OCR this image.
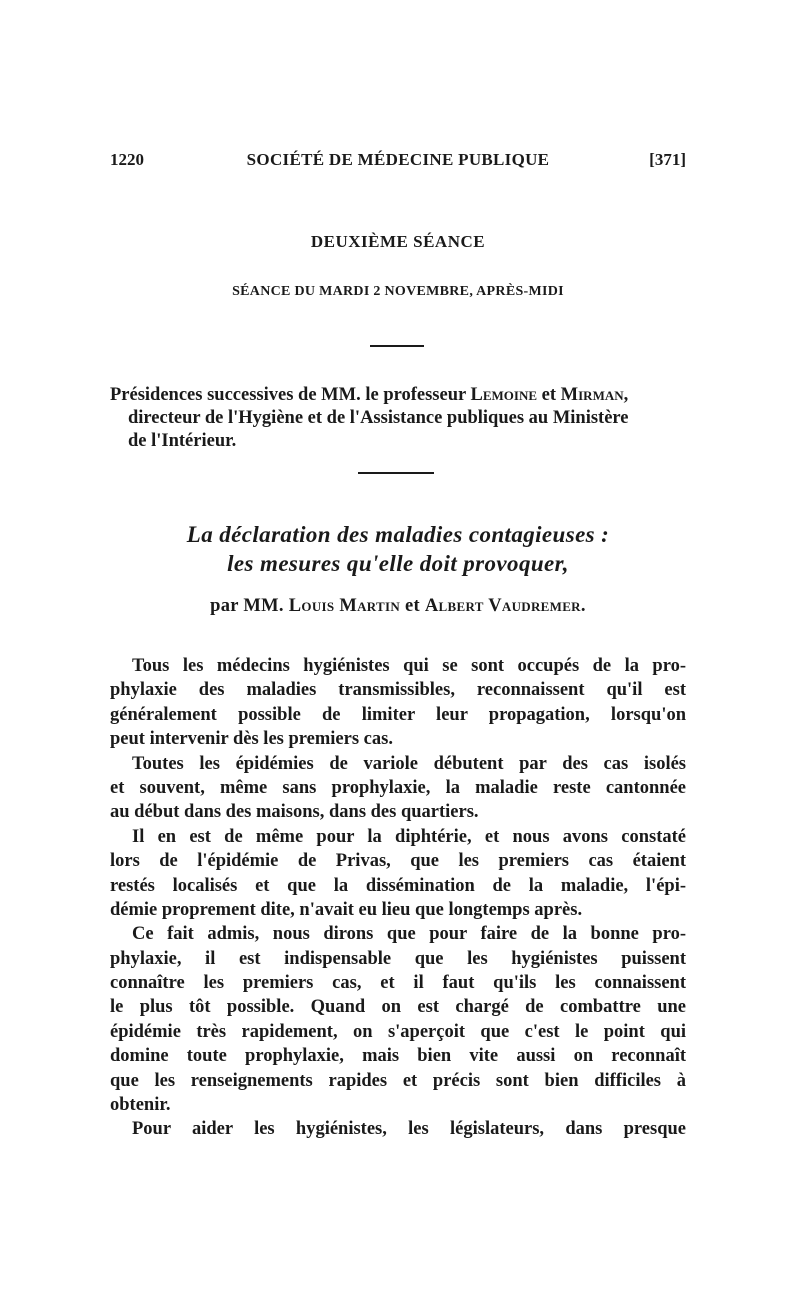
1220	SOCIÉTÉ DE MÉDECINE PUBLIQUE	[371]
DEUXIÈME SÉANCE
SÉANCE DU MARDI 2 NOVEMBRE, APRÈS-MIDI
Présidences successives de MM. le professeur Lemoine et Mirman,
directeur de l'Hygiène et de l'Assistance publiques au Ministère
de l'Intérieur.
La déclaration des maladies contagieuses :
les mesures qu'elle doit provoquer,
par MM. Louis Martin et Albert Vaudremer.
Tous les médecins hygiénistes qui se sont occupés de la pro-
phylaxie des maladies transmissibles, reconnaissent qu'il est
généralement possible de limiter leur propagation, lorsqu'on
peut intervenir dès les premiers cas.
Toutes les épidémies de variole débutent par des cas isolés
et souvent, même sans prophylaxie, la maladie reste cantonnée
au début dans des maisons, dans des quartiers.
Il en est de même pour la diphtérie, et nous avons constaté
lors de l'épidémie de Privas, que les premiers cas étaient
restés localisés et que la dissémination de la maladie, l'épi-
démie proprement dite, n'avait eu lieu que longtemps après.
Ce fait admis, nous dirons que pour faire de la bonne pro-
phylaxie, il est indispensable que les hygiénistes puissent
connaître les premiers cas, et il faut qu'ils les connaissent
le plus tôt possible. Quand on est chargé de combattre une
épidémie très rapidement, on s'aperçoit que c'est le point qui
domine toute prophylaxie, mais bien vite aussi on reconnaît
que les renseignements rapides et précis sont bien difficiles à
obtenir.
Pour aider les hygiénistes, les législateurs, dans presque
